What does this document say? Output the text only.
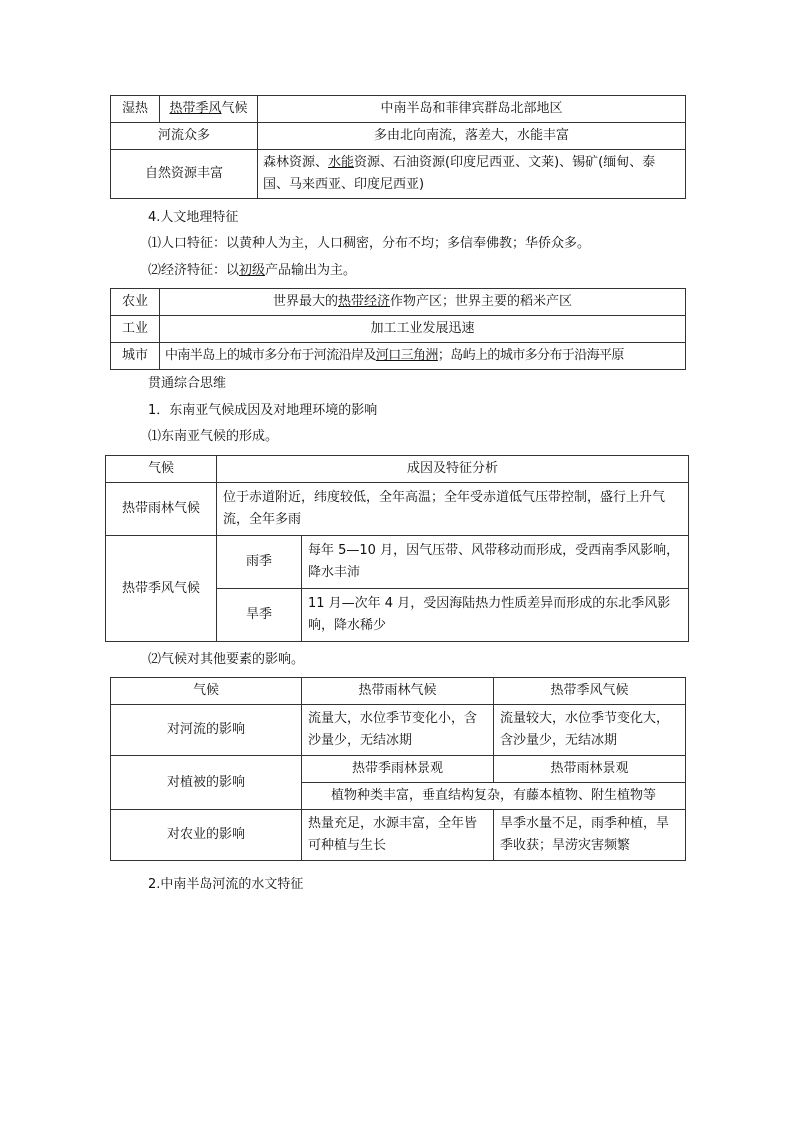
湿热	热带季风气候	中南半岛和菲律宾群岛北部地区
河流众多		多由北向南流，落差大，水能丰富
自然资源丰富		森林资源、水能资源、石油资源(印度尼西亚、文莱)、锡矿(缅甸、泰国、马来西亚、印度尼西亚)
4.人文地理特征
⑴人口特征：以黄种人为主，人口稠密，分布不均；多信奉佛教；华侨众多。
⑵经济特征：以初级产品输出为主。
农业	世界最大的热带经济作物产区；世界主要的稻米产区
工业	加工工业发展迅速
城市	中南半岛上的城市多分布于河流沿岸及河口三角洲；岛屿上的城市多分布于沿海平原
贯通综合思维
1．东南亚气候成因及对地理环境的影响
⑴东南亚气候的形成。
气候	成因及特征分析	
热带雨林气候	位于赤道附近，纬度较低，全年高温；全年受赤道低气压带控制，盛行上升气流，全年多雨	
热带季风气候	雨季	每年 5—10 月，因气压带、风带移动而形成，受西南季风影响，降水丰沛
	旱季	11 月—次年 4 月，受因海陆热力性质差异而形成的东北季风影响，降水稀少
⑵气候对其他要素的影响。
气候	热带雨林气候	热带季风气候
对河流的影响	流量大，水位季节变化小，含沙量少，无结冰期	流量较大，水位季节变化大，含沙量少，无结冰期
对植被的影响	热带季雨林景观	热带雨林景观
	植物种类丰富，垂直结构复杂，有藤本植物、附生植物等	
对农业的影响	热量充足，水源丰富，全年皆可种植与生长	旱季水量不足，雨季种植，旱季收获；旱涝灾害频繁
2.中南半岛河流的水文特征
